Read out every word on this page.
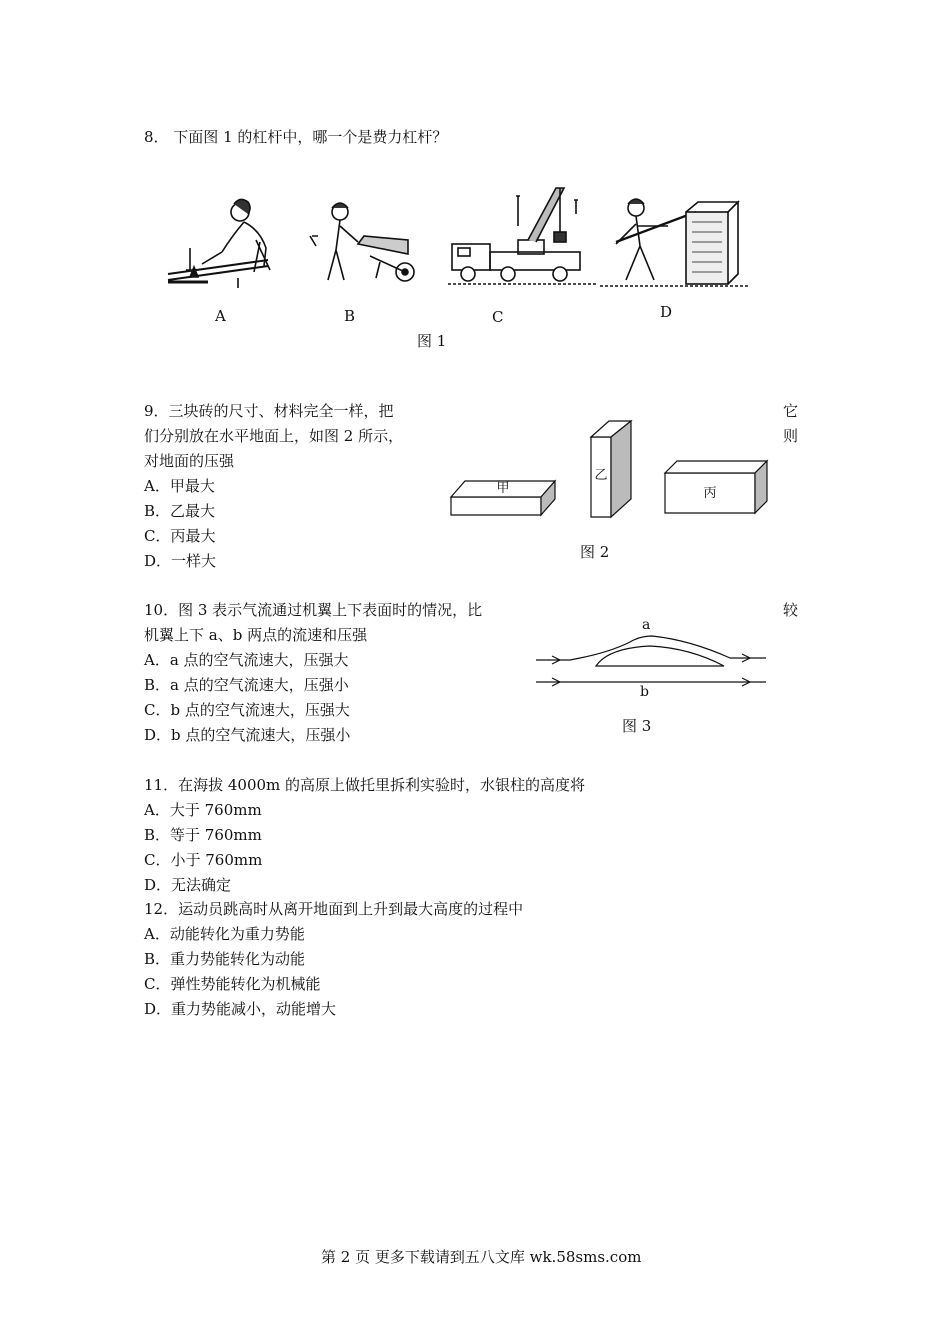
8． 下面图 1 的杠杆中，哪一个是费力杠杆？
A	B	C	D
图 1
9．三块砖的尺寸、材料完全一样，把	它
们分别放在水平地面上，如图 2 所示，	则
对地面的压强
A．甲最大
B．乙最大
C．丙最大
D．一样大
甲
乙
丙
图 2
10．图 3 表示气流通过机翼上下表面时的情况，比	较
机翼上下 a、b 两点的流速和压强
A．a 点的空气流速大，压强大
B．a 点的空气流速大，压强小
C．b 点的空气流速大，压强大
D．b 点的空气流速大，压强小
a
b
图 3
11．在海拔 4000m 的高原上做托里拆利实验时，水银柱的高度将
A．大于 760mm
B．等于 760mm
C．小于 760mm
D．无法确定
12．运动员跳高时从离开地面到上升到最大高度的过程中
A．动能转化为重力势能
B．重力势能转化为动能
C．弹性势能转化为机械能
D．重力势能减小，动能增大
第 2 页 更多下载请到五八文库 wk.58sms.com
